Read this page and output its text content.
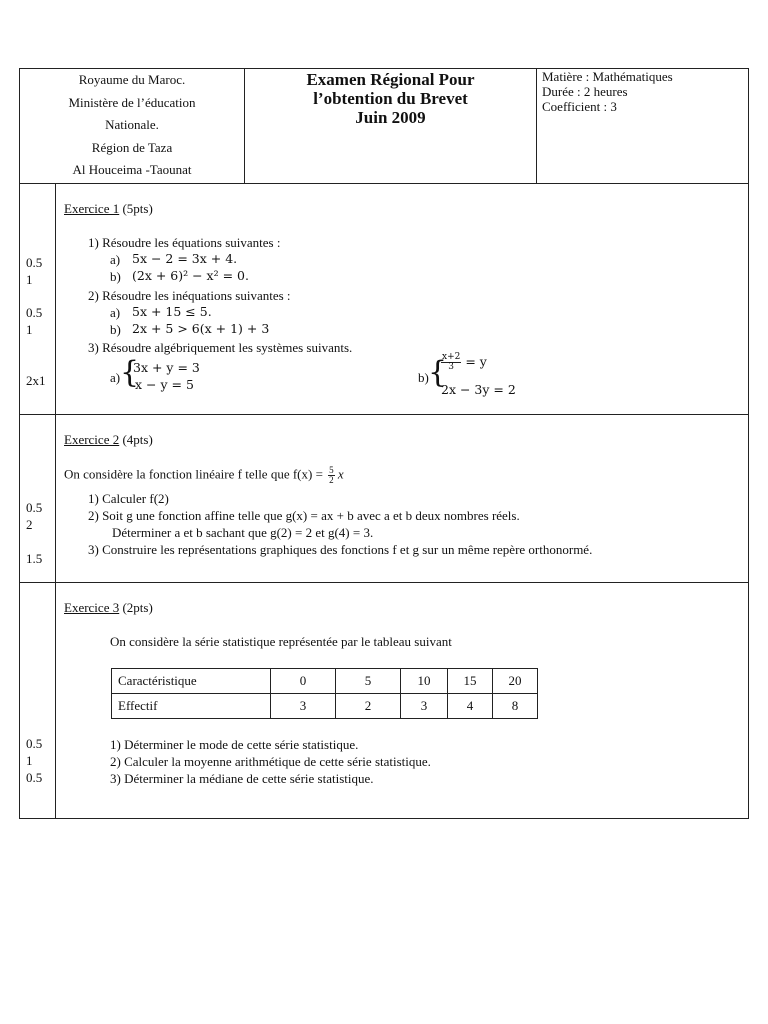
Royaume du Maroc.
Ministère de l’éducation
Nationale.
Région de Taza
Al Houceima -Taounat
Examen Régional Pour
l’obtention du Brevet
Juin 2009
Matière : Mathématiques
Durée : 2 heures
Coefficient : 3
0.5
1
0.5
1
2x1
Exercice 1 (5pts)
1) Résoudre les équations suivantes :
a) 5x − 2 = 3x + 4.
b) (2x + 6)² − x² = 0.
2) Résoudre les inéquations suivantes :
a) 5x + 15 ≤ 5.
b) 2x + 5 > 6(x + 1) + 3
3) Résoudre algébriquement les systèmes suivants.
a) {
3x + y = 3
x − y = 5	b) {
$\frac{x+2}{3} = y$
2x − 3y = 2
0.5
2
1.5
Exercice 2 (4pts)
On considère la fonction linéaire f telle que $f(x) = \frac{5}{2}$ x
1) Calculer f(2)
2) Soit g une fonction affine telle que g(x) = ax + b avec a et b deux nombres réels.
Déterminer a et b sachant que g(2) = 2 et g(4) = 3.
3) Construire les représentations graphiques des fonctions f et g sur un même repère orthonormé.
0.5
1
0.5
Exercice 3 (2pts)
On considère la série statistique représentée par le tableau suivant
Caractéristique	0	5	10	15	20
Effectif	3	2	3	4	8
1) Déterminer le mode de cette série statistique.
2) Calculer la moyenne arithmétique de cette série statistique.
3) Déterminer la médiane de cette série statistique.
